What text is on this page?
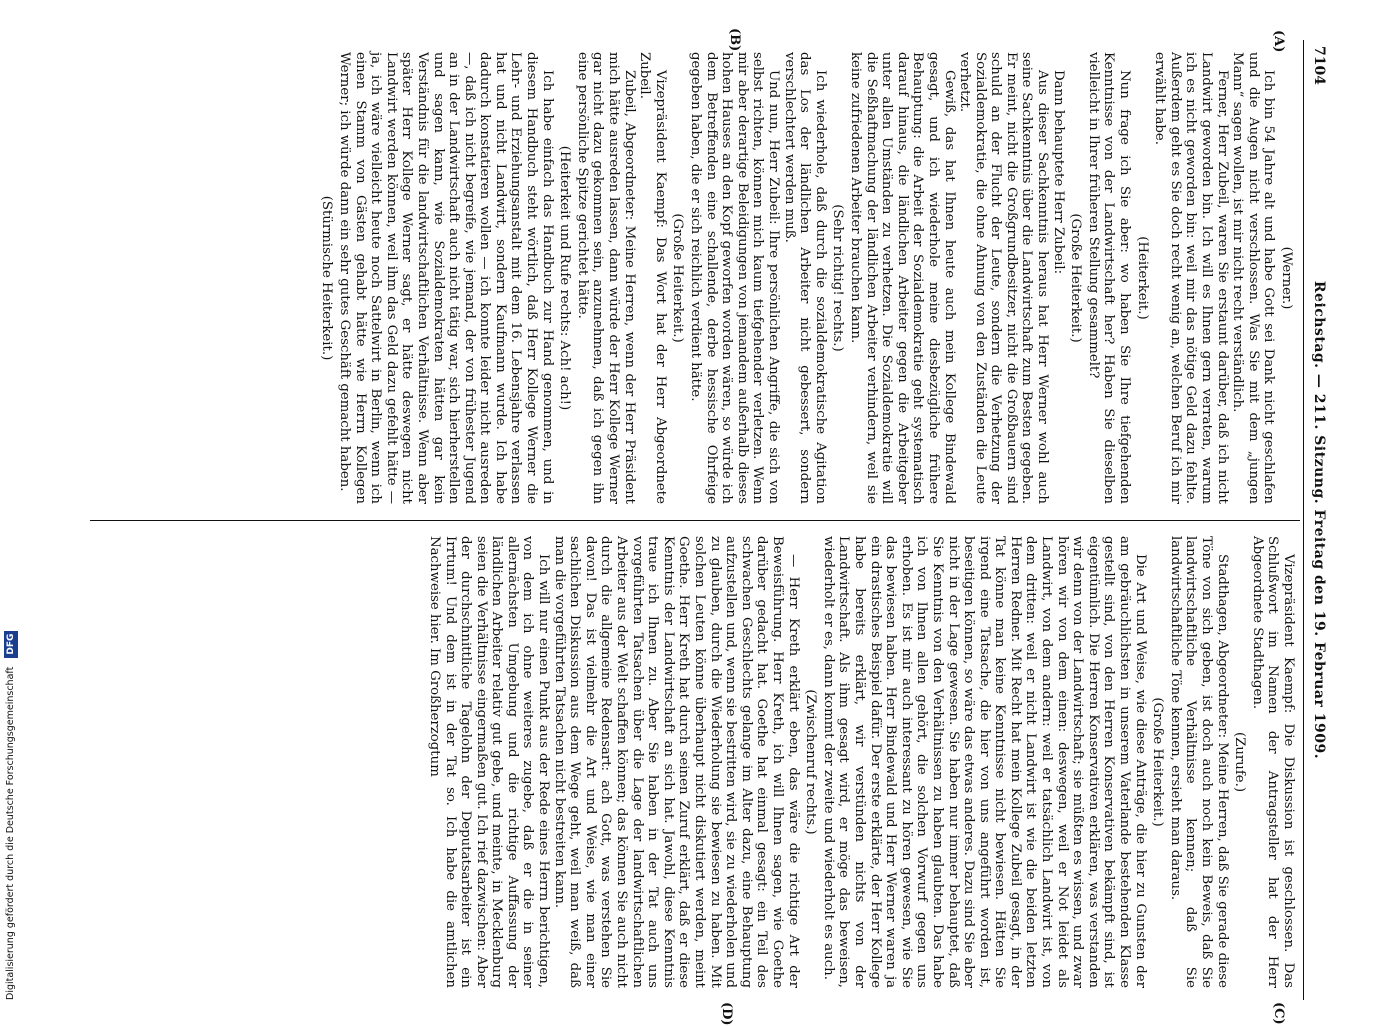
7104
Reichstag. — 211. Sitzung. Freitag den 19. Februar 1909.
(A)
(B)
(C)
(D)

(Werner.)

Ich bin 54 Jahre alt und habe Gott sei Dank nicht geschlafen und die Augen nicht verschlossen. Was Sie mit dem „jungen Mann“ sagen wollen, ist mir nicht recht verständlich.

Ferner, Herr Zubeil, waren Sie erstaunt darüber, daß ich nicht Landwirt geworden bin. Ich will es Ihnen gern verraten, warum ich es nicht geworden bin: weil mir das nötige Geld dazu fehlte. Außerdem geht es Sie doch recht wenig an, welchen Beruf ich mir erwählt habe.

(Heiterkeit.)

Nun frage ich Sie aber: wo haben Sie Ihre tiefgehenden Kenntnisse von der Landwirtschaft her? Haben Sie dieselben vielleicht in Ihrer früheren Stellung gesammelt?

(Große Heiterkeit.)

Dann behauptete Herr Zubeil:

Aus dieser Sachkenntnis heraus hat Herr Werner wohl auch seine Sachkenntnis über die Landwirtschaft zum Besten gegeben. Er meint, nicht die Großgrundbesitzer, nicht die Großbauern sind schuld an der Flucht der Leute, sondern die Verhetzung der Sozialdemokratie, die ohne Ahnung von den Zuständen die Leute verhetzt.

Gewiß, das hat Ihnen heute auch mein Kollege Bindewald gesagt, und ich wiederhole meine diesbezügliche frühere Behauptung: die Arbeit der Sozialdemokratie geht systematisch darauf hinaus, die ländlichen Arbeiter gegen die Arbeitgeber unter allen Umständen zu verhetzen. Die Sozialdemokratie will die Seßhaftmachung der ländlichen Arbeiter verhindern, weil sie keine zufriedenen Arbeiter brauchen kann.

(Sehr richtig! rechts.)

Ich wiederhole, daß durch die sozialdemokratische Agitation das Los der ländlichen Arbeiter nicht gebessert, sondern verschlechtert werden muß.

Und nun, Herr Zubeil: Ihre persönlichen Angriffe, die sich von selbst richten, können mich kaum tiefgehender verletzen. Wenn mir aber derartige Beleidigungen von jemandem außerhalb dieses hohen Hauses an den Kopf geworfen worden wären, so würde ich dem Betreffenden eine schallende, derbe hessische Ohrfeige gegeben haben, die er sich reichlich verdient hätte.

(Große Heiterkeit.)

Vizepräsident Kaempf: Das Wort hat der Herr Abgeordnete Zubeil.

Zubeil, Abgeordneter: Meine Herren, wenn der Herr Präsident mich hätte ausreden lassen, dann würde der Herr Kollege Werner gar nicht dazu gekommen sein, anzunehmen, daß ich gegen ihn eine persönliche Spitze gerichtet hätte.

(Heiterkeit und Rufe rechts: Ach! ach!)

Ich habe einfach das Handbuch zur Hand genommen, und in diesem Handbuch steht wörtlich, daß Herr Kollege Werner die Lehr- und Erziehungsanstalt mit dem 16. Lebensjahre verlassen hat und nicht Landwirt, sondern Kaufmann wurde. Ich habe dadurch konstatieren wollen — ich konnte leider nicht ausreden —, daß ich nicht begreife, wie jemand, der von frühester Jugend an in der Landwirtschaft auch nicht tätig war, sich hierherstellen und sagen kann, wie Sozialdemokraten hätten gar kein Verständnis für die landwirtschaftlichen Verhältnisse. Wenn aber später Herr Kollege Werner sagt, er hätte deswegen nicht Landwirt werden können, weil ihm das Geld dazu gefehlt hätte — ja, ich wäre vielleicht heute noch Sattelwirt in Berlin, wenn ich einen Stamm von Gästen gehabt hätte wie Herrn Kollegen Werner; ich würde dann ein sehr gutes Geschäft gemacht haben.

(Stürmische Heiterkeit.)

Vizepräsident Kaempf: Die Diskussion ist geschlossen. Das Schlußwort im Namen der Antragsteller hat der Herr Abgeordnete Stadthagen.

(Zurufe.)

Stadthagen, Abgeordneter: Meine Herren, daß Sie gerade diese Töne von sich geben, ist doch auch noch kein Beweis, daß Sie landwirtschaftliche Verhältnisse kennen; daß Sie landwirtschaftliche Töne kennen, ersieht man daraus.

(Große Heiterkeit.)

Die Art und Weise, wie diese Anträge, die hier zu Gunsten der am gebräuchlichsten in unserem Vaterlande bestehenden Klasse gestellt sind, von den Herren Konservativen bekämpft sind, ist eigentümlich. Die Herren Konservativen erklären, was verstanden wir denn von der Landwirtschaft; sie müßten es wissen, und zwar hören wir von dem einen: deswegen, weil er Not leidet als Landwirt, von dem andern: weil er tatsächlich Landwirt ist, von dem dritten: weil er nicht Landwirt ist wie die beiden letzten Herren Redner. Mit Recht hat mein Kollege Zubeil gesagt, in der Tat könne man keine Kenntnisse nicht bewiesen. Hätten Sie irgend eine Tatsache, die hier von uns angeführt worden ist, beseitigen können, so wäre das etwas anderes. Dazu sind Sie aber nicht in der Lage gewesen. Sie haben nur immer behauptet, daß Sie Kenntnis von den Verhältnissen zu haben glaubten. Das habe ich von Ihnen allen gehört, die solchen Vorwurf gegen uns erhoben. Es ist mir auch interessant zu hören gewesen, wie Sie das bewiesen haben. Herr Bindewald und Herr Werner waren ja ein drastisches Beispiel dafür. Der erste erklärte, der Herr Kollege habe bereits erklärt, wir verstünden nichts von der Landwirtschaft. Als ihm gesagt wird, er möge das beweisen, wiederholt er es, dann kommt der zweite und wiederholt es auch.

(Zwischenruf rechts.)

— Herr Kreth erklärt eben, das wäre die richtige Art der Beweisführung. Herr Kreth, ich will Ihnen sagen, wie Goethe darüber gedacht hat. Goethe hat einmal gesagt: ein Teil des schwachen Geschlechts gelange im Alter dazu, eine Behauptung aufzustellen und, wenn sie bestritten wird, sie zu wiederholen und zu glauben, durch die Wiederholung sie bewiesen zu haben. Mit solchen Leuten könne überhaupt nicht diskutiert werden, meint Goethe. Herr Kreth hat durch seinen Zuruf erklärt, daß er diese Kenntnis der Landwirtschaft an sich hat. Jawohl, diese Kenntnis traue ich Ihnen zu. Aber Sie haben in der Tat auch uns vorgeführten Tatsachen über die Lage der landwirtschaftlichen Arbeiter aus der Welt schaffen können; das können Sie auch nicht durch die allgemeine Redensart: ach Gott, was verstehen Sie davon! Das ist vielmehr die Art und Weise, wie man einer sachlichen Diskussion aus dem Wege geht, weil man weiß, daß man die vorgeführten Tatsachen nicht bestreiten kann.

Ich will nur einen Punkt aus der Rede eines Herrn berichtigen, von dem ich ohne weiteres zugebe, daß er die in seiner allernächsten Umgebung und die richtige Auffassung der ländlichen Arbeiter relativ gut gebe, und meinte, in Mecklenburg seien die Verhältnisse eingermaßen gut. Ich rief dazwischen: Aber der durchschnittliche Tagelohn der Deputatsarbeiter ist ein Irrtum! Und dem ist in der Tat so. Ich habe die amtlichen Nachweise hier. Im Großherzogtum

Digitalisierung gefördert durch die Deutsche Forschungsgemeinschaft DFG
